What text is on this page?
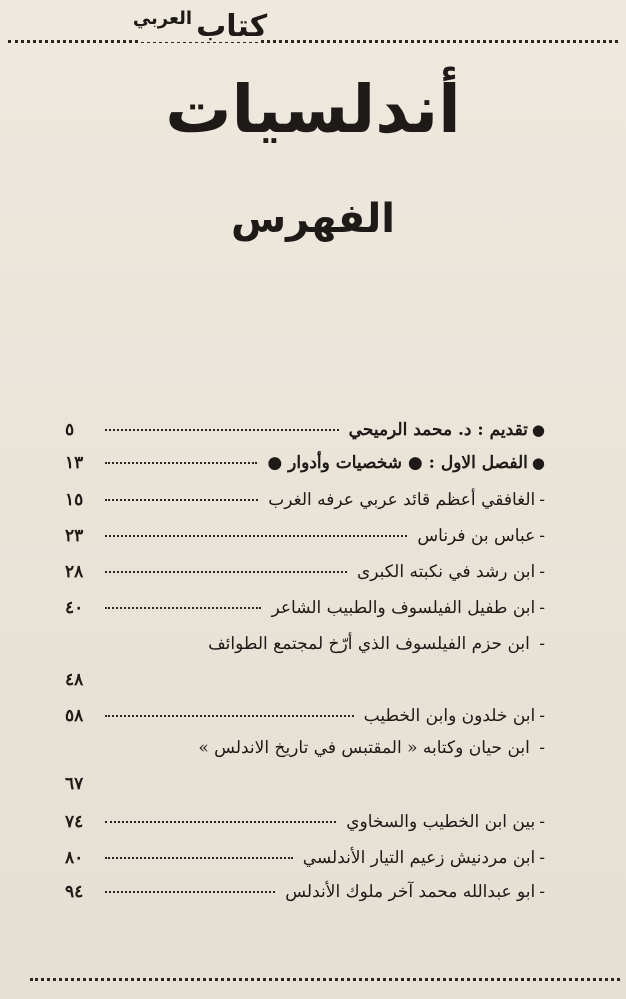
كتاب
العربي
أندلسيات
الفهرس
●
تقديم : د. محمد الرميحي
٥
●
الفصل الاول : ● شخصيات وأدوار ●
١٣
-
الغافقي أعظم قائد عربي عرفه الغرب
١٥
-
عباس بن فرناس
٢٣
-
ابن رشد في نكبته الكبرى
٢٨
-
ابن طفيل الفيلسوف والطبيب الشاعر
٤٠
- ابن حزم الفيلسوف الذي أرّخ لمجتمع الطوائف
٤٨
-
ابن خلدون وابن الخطيب
٥٨
- ابن حيان وكتابه « المقتبس في تاريخ الاندلس »
٦٧
-
بين ابن الخطيب والسخاوي
٧٤
-
ابن مردنيش زعيم التيار الأندلسي
٨٠
-
ابو عبدالله محمد آخر ملوك الأندلس
٩٤
